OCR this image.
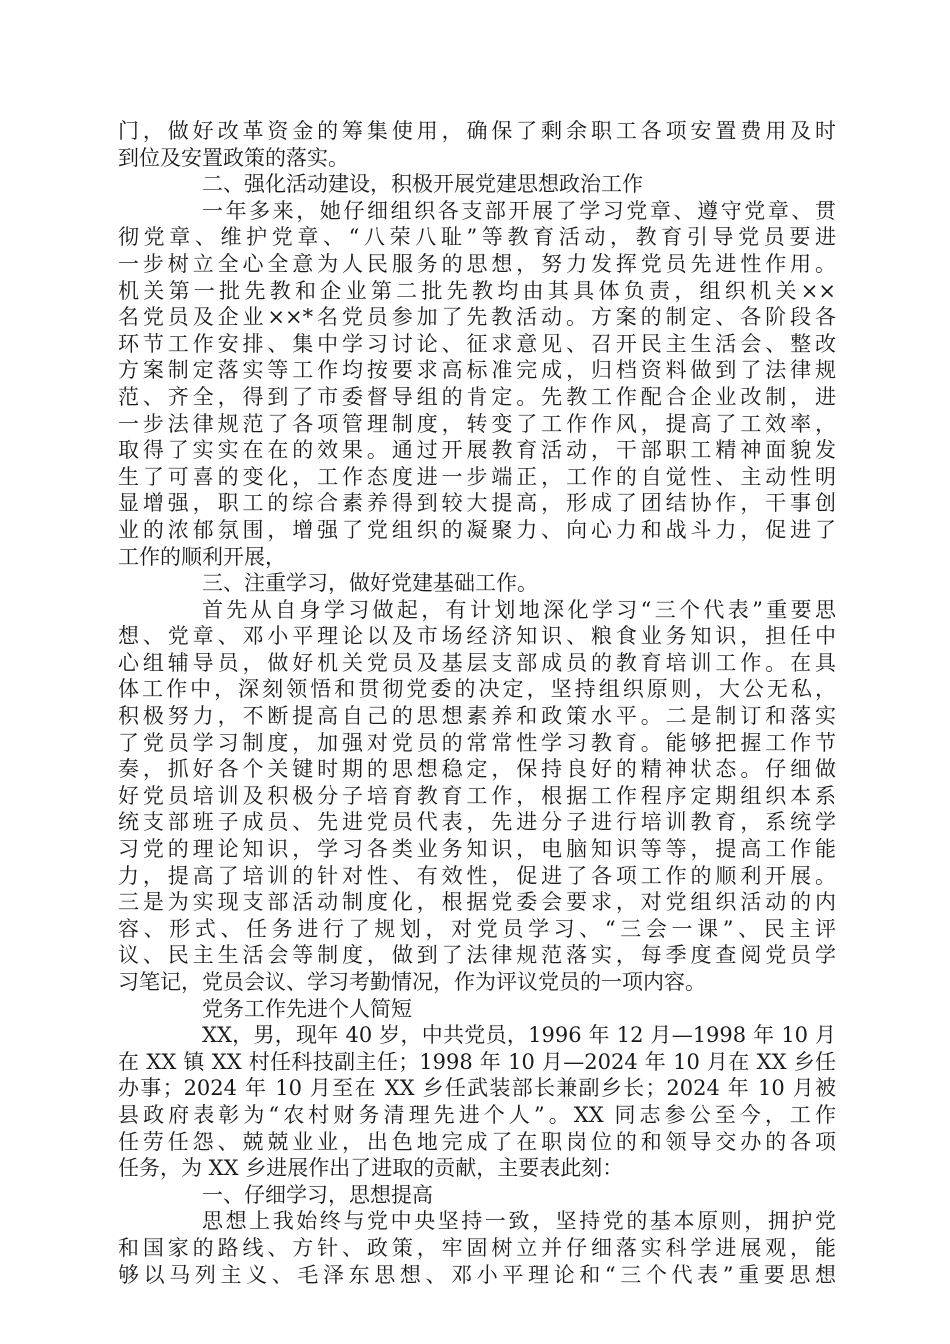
门，做好改革资金的筹集使用，确保了剩余职工各项安置费用及时
到位及安置政策的落实。
二、强化活动建设，积极开展党建思想政治工作
一年多来，她仔细组织各支部开展了学习党章、遵守党章、贯
彻党章、维护党章、“八荣八耻”等教育活动，教育引导党员要进
一步树立全心全意为人民服务的思想，努力发挥党员先进性作用。
机关第一批先教和企业第二批先教均由其具体负责，组织机关××
名党员及企业××*名党员参加了先教活动。方案的制定、各阶段各
环节工作安排、集中学习讨论、征求意见、召开民主生活会、整改
方案制定落实等工作均按要求高标准完成，归档资料做到了法律规
范、齐全，得到了市委督导组的肯定。先教工作配合企业改制，进
一步法律规范了各项管理制度，转变了工作作风，提高了工效率，
取得了实实在在的效果。通过开展教育活动，干部职工精神面貌发
生了可喜的变化，工作态度进一步端正，工作的自觉性、主动性明
显增强，职工的综合素养得到较大提高，形成了团结协作，干事创
业的浓郁氛围，增强了党组织的凝聚力、向心力和战斗力，促进了
工作的顺利开展，
三、注重学习，做好党建基础工作。
首先从自身学习做起，有计划地深化学习“三个代表”重要思
想、党章、邓小平理论以及市场经济知识、粮食业务知识，担任中
心组辅导员，做好机关党员及基层支部成员的教育培训工作。在具
体工作中，深刻领悟和贯彻党委的决定，坚持组织原则，大公无私，
积极努力，不断提高自己的思想素养和政策水平。二是制订和落实
了党员学习制度，加强对党员的常常性学习教育。能够把握工作节
奏，抓好各个关键时期的思想稳定，保持良好的精神状态。仔细做
好党员培训及积极分子培育教育工作，根据工作程序定期组织本系
统支部班子成员、先进党员代表，先进分子进行培训教育，系统学
习党的理论知识，学习各类业务知识，电脑知识等等，提高工作能
力，提高了培训的针对性、有效性，促进了各项工作的顺利开展。
三是为实现支部活动制度化，根据党委会要求，对党组织活动的内
容、形式、任务进行了规划，对党员学习、“三会一课”、民主评
议、民主生活会等制度，做到了法律规范落实，每季度查阅党员学
习笔记，党员会议、学习考勤情况，作为评议党员的一项内容。
党务工作先进个人简短
XX，男，现年 40 岁，中共党员，1996 年 12 月—1998 年 10 月
在 XX 镇 XX 村任科技副主任；1998 年 10 月—2024 年 10 月在 XX 乡任
办事；2024 年 10 月至在 XX 乡任武装部长兼副乡长；2024 年 10 月被
县政府表彰为“农村财务清理先进个人”。XX 同志参公至今，工作
任劳任怨、兢兢业业，出色地完成了在职岗位的和领导交办的各项
任务，为 XX 乡进展作出了进取的贡献，主要表此刻：
一、仔细学习，思想提高
思想上我始终与党中央坚持一致，坚持党的基本原则，拥护党
和国家的路线、方针、政策，牢固树立并仔细落实科学进展观，能
够以马列主义、毛泽东思想、邓小平理论和“三个代表”重要思想
